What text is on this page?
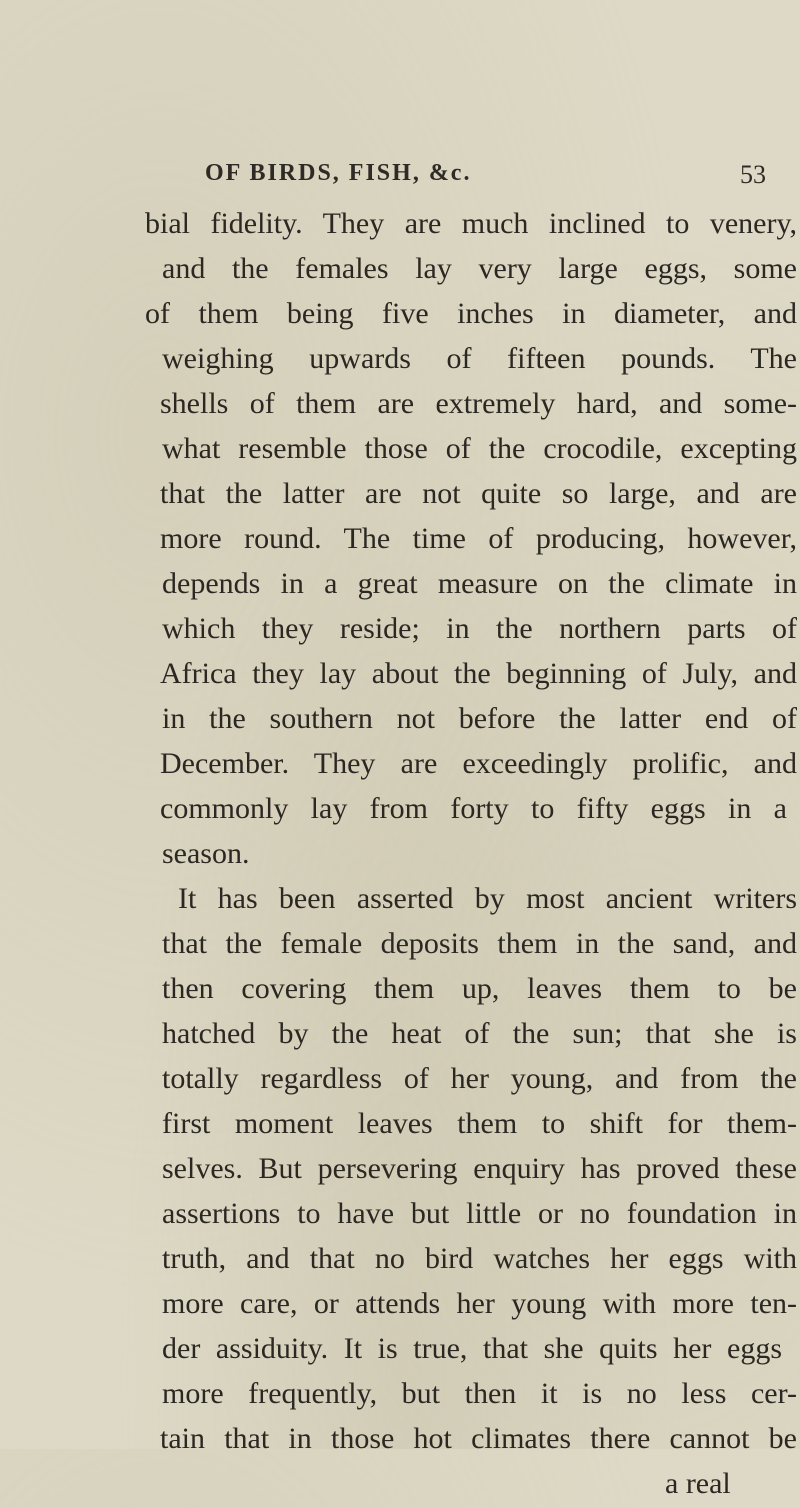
OF BIRDS, FISH, &c.	53
bial fidelity. They are much inclined to venery,
and the females lay very large eggs, some
of them being five inches in diameter, and
weighing upwards of fifteen pounds. The
shells of them are extremely hard, and some-
what resemble those of the crocodile, excepting
that the latter are not quite so large, and are
more round. The time of producing, however,
depends in a great measure on the climate in
which they reside; in the northern parts of
Africa they lay about the beginning of July, and
in the southern not before the latter end of
December. They are exceedingly prolific, and
commonly lay from forty to fifty eggs in a
season.
It has been asserted by most ancient writers
that the female deposits them in the sand, and
then covering them up, leaves them to be
hatched by the heat of the sun; that she is
totally regardless of her young, and from the
first moment leaves them to shift for them-
selves. But persevering enquiry has proved these
assertions to have but little or no foundation in
truth, and that no bird watches her eggs with
more care, or attends her young with more ten-
der assiduity. It is true, that she quits her eggs
more frequently, but then it is no less cer-
tain that in those hot climates there cannot be
a real
